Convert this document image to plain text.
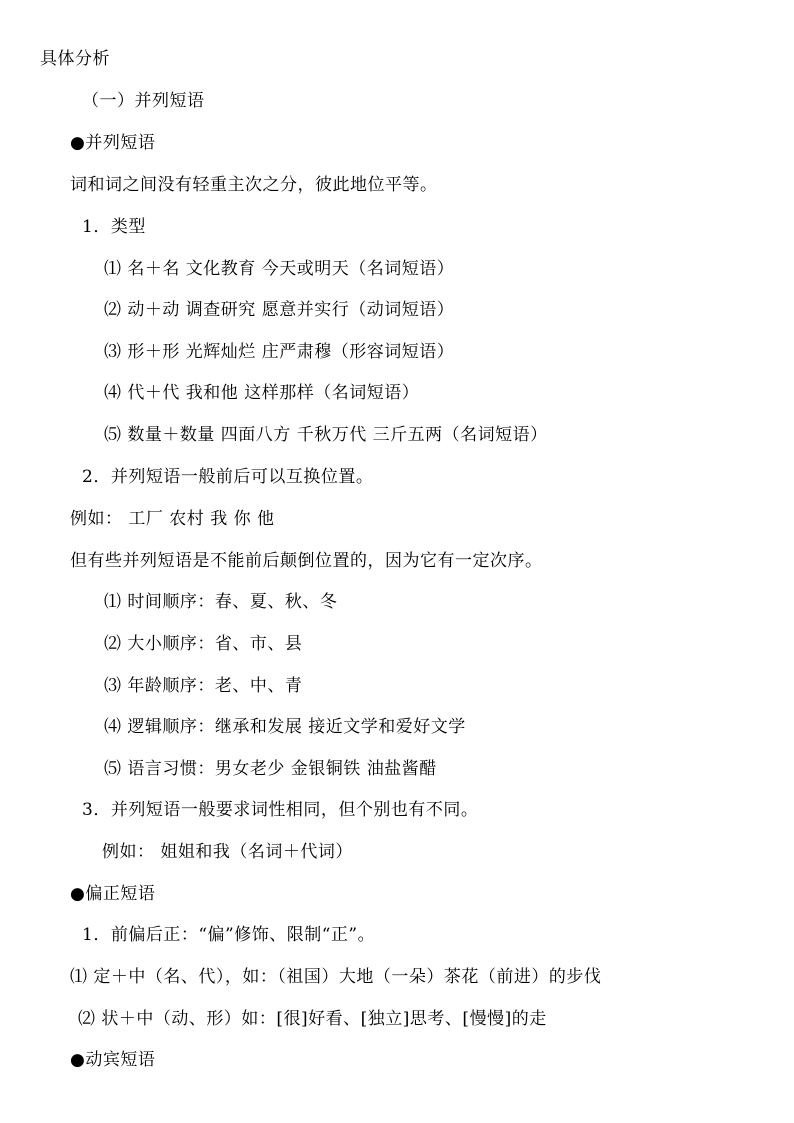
具体分析
（一）并列短语
●并列短语
词和词之间没有轻重主次之分，彼此地位平等。
1．类型
⑴ 名＋名 文化教育 今天或明天（名词短语）
⑵ 动＋动 调查研究 愿意并实行（动词短语）
⑶ 形＋形 光辉灿烂 庄严肃穆（形容词短语）
⑷ 代＋代 我和他 这样那样（名词短语）
⑸ 数量＋数量 四面八方 千秋万代 三斤五两（名词短语）
2．并列短语一般前后可以互换位置。
例如： 工厂 农村 我 你 他
但有些并列短语是不能前后颠倒位置的，因为它有一定次序。
⑴ 时间顺序：春、夏、秋、冬
⑵ 大小顺序：省、市、县
⑶ 年龄顺序：老、中、青
⑷ 逻辑顺序：继承和发展 接近文学和爱好文学
⑸ 语言习惯：男女老少 金银铜铁 油盐酱醋
3．并列短语一般要求词性相同，但个别也有不同。
例如： 姐姐和我（名词＋代词）
●偏正短语
1．前偏后正：“偏”修饰、限制“正”。
⑴ 定＋中（名、代），如：（祖国）大地（一朵）茶花（前进）的步伐
⑵ 状＋中（动、形）如：[很]好看、[独立]思考、[慢慢]的走
●动宾短语
